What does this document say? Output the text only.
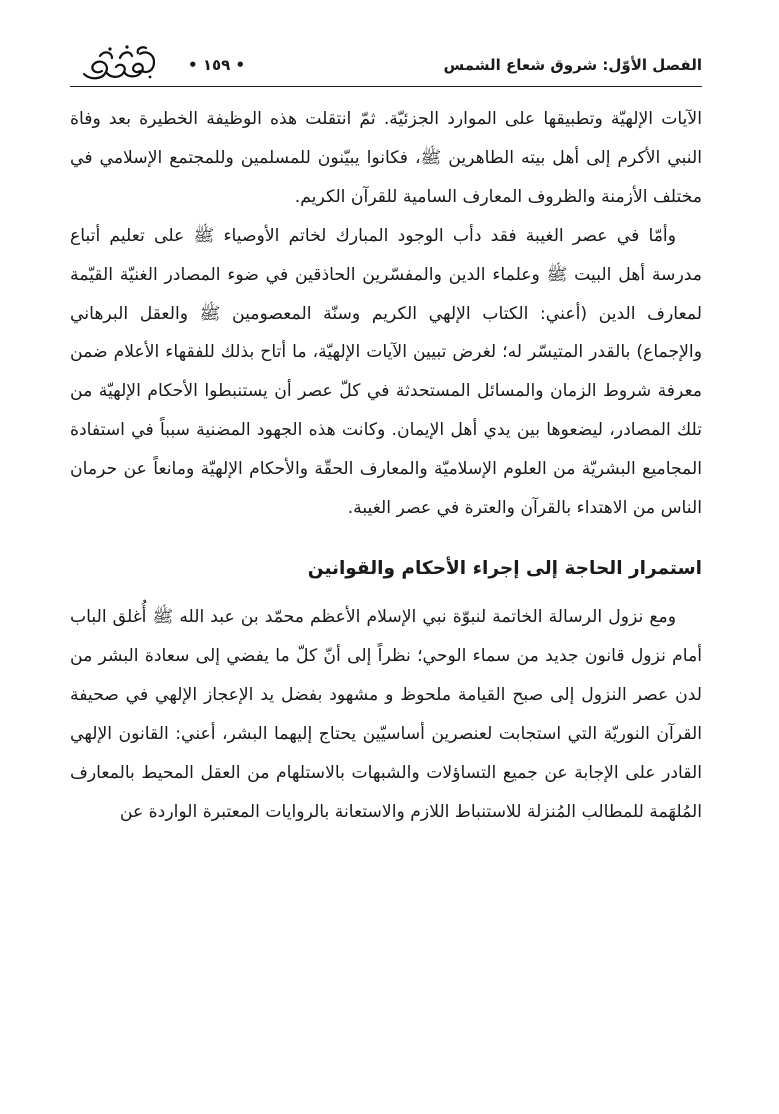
الفصل الأوّل: شروق شعاع الشمس
• ١٥٩ •

الآيات الإلهيّة وتطبيقها على الموارد الجزئيّة. ثمّ انتقلت هذه الوظيفة الخطيرة بعد وفاة النبي الأكرم إلى أهل بيته الطاهرين ﷺ، فكانوا يبيّنون للمسلمين وللمجتمع الإسلامي في مختلف الأزمنة والظروف المعارف السامية للقرآن الكريم.

وأمّا في عصر الغيبة فقد دأب الوجود المبارك لخاتم الأوصياء ﷺ على تعليم أتباع مدرسة أهل البيت ﷺ وعلماء الدين والمفسّرين الحاذقين في ضوء المصادر الغنيّة القيّمة لمعارف الدين (أعني: الكتاب الإلهي الكريم وسنّة المعصومين ﷺ والعقل البرهاني والإجماع) بالقدر المتيسّر له؛ لغرض تبيين الآيات الإلهيّة، ما أتاح بذلك للفقهاء الأعلام ضمن معرفة شروط الزمان والمسائل المستحدثة في كلّ عصر أن يستنبطوا الأحكام الإلهيّة من تلك المصادر، ليضعوها بين يدي أهل الإيمان. وكانت هذه الجهود المضنية سبباً في استفادة المجاميع البشريّة من العلوم الإسلاميّة والمعارف الحقّة والأحكام الإلهيّة ومانعاً عن حرمان الناس من الاهتداء بالقرآن والعترة في عصر الغيبة.

استمرار الحاجة إلى إجراء الأحكام والقوانين

ومع نزول الرسالة الخاتمة لنبوّة نبي الإسلام الأعظم محمّد بن عبد الله ﷺ أُغلق الباب أمام نزول قانون جديد من سماء الوحي؛ نظراً إلى أنّ كلّ ما يفضي إلى سعادة البشر من لدن عصر النزول إلى صبح القيامة ملحوظ و مشهود بفضل يد الإعجاز الإلهي في صحيفة القرآن النوريّة التي استجابت لعنصرين أساسيّين يحتاج إليهما البشر، أعني: القانون الإلهي القادر على الإجابة عن جميع التساؤلات والشبهات بالاستلهام من العقل المحيط بالمعارف المُلهَمة للمطالب المُنزلة للاستنباط اللازم والاستعانة بالروايات المعتبرة الواردة عن
